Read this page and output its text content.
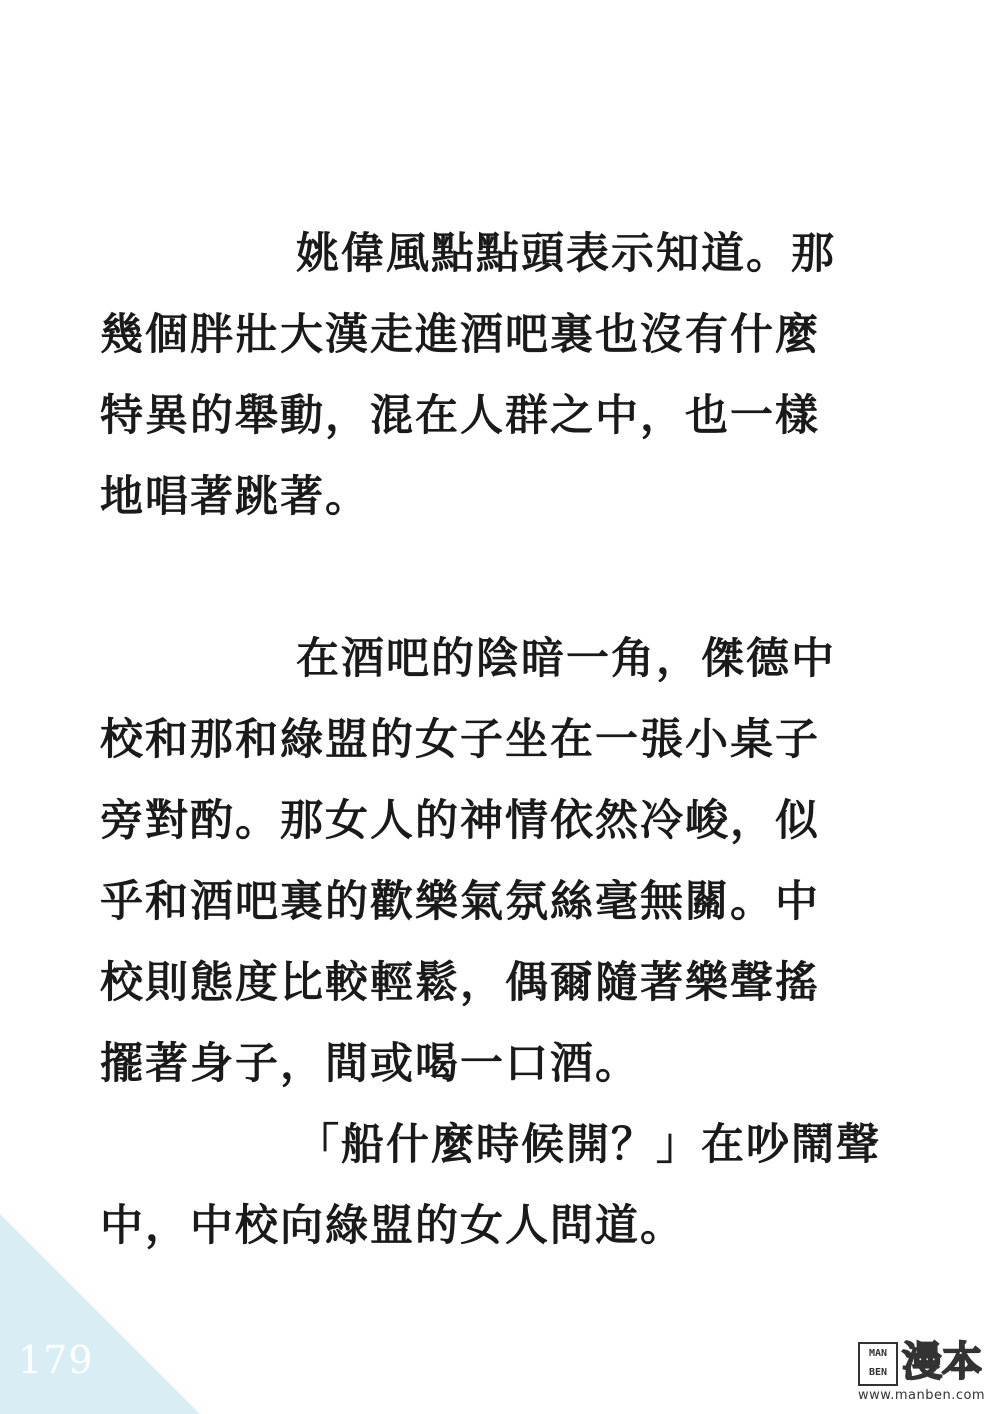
姚偉風點點頭表示知道。那
幾個胖壯大漢走進酒吧裏也沒有什麼
特異的舉動，混在人群之中，也一樣
地唱著跳著。
在酒吧的陰暗一角，傑德中
校和那和綠盟的女子坐在一張小桌子
旁對酌。那女人的神情依然冷峻，似
乎和酒吧裏的歡樂氣氛絲毫無關。中
校則態度比較輕鬆，偶爾隨著樂聲搖
擺著身子，間或喝一口酒。
「船什麼時候開？」在吵鬧聲
中，中校向綠盟的女人問道。
179	MAN
BEN 漫本
www.manben.com
